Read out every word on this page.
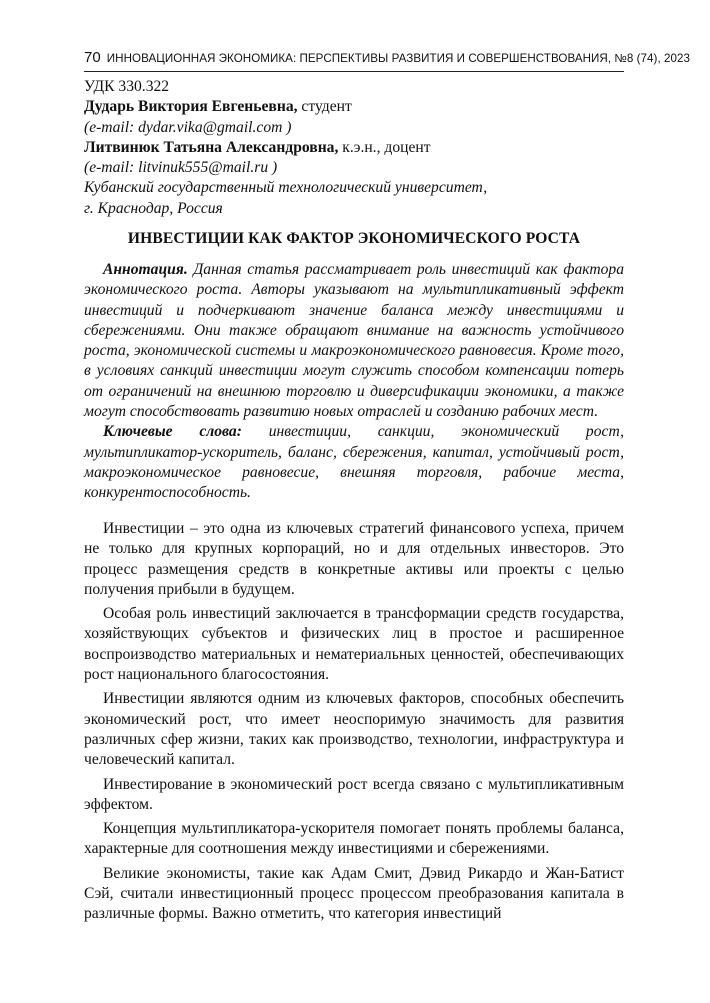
70 ИННОВАЦИОННАЯ ЭКОНОМИКА: ПЕРСПЕКТИВЫ РАЗВИТИЯ И СОВЕРШЕНСТВОВАНИЯ, №8 (74), 2023
УДК 330.322
Дударь Виктория Евгеньевна, студент
(e-mail: dydar.vika@gmail.com )
Литвинюк Татьяна Александровна, к.э.н., доцент
(e-mail: litvinuk555@mail.ru )
Кубанский государственный технологический университет,
г. Краснодар, Россия
ИНВЕСТИЦИИ КАК ФАКТОР ЭКОНОМИЧЕСКОГО РОСТА

Аннотация. Данная статья рассматривает роль инвестиций как фактора экономического роста. Авторы указывают на мультипликативный эффект инвестиций и подчеркивают значение баланса между инвестициями и сбережениями. Они также обращают внимание на важность устойчивого роста, экономической системы и макроэкономического равновесия. Кроме того, в условиях санкций инвестиции могут служить способом компенсации потерь от ограничений на внешнюю торговлю и диверсификации экономики, а также могут способствовать развитию новых отраслей и созданию рабочих мест.

Ключевые слова: инвестиции, санкции, экономический рост, мультипликатор-ускоритель, баланс, сбережения, капитал, устойчивый рост, макроэкономическое равновесие, внешняя торговля, рабочие места, конкурентоспособность.

Инвестиции – это одна из ключевых стратегий финансового успеха, причем не только для крупных корпораций, но и для отдельных инвесторов. Это процесс размещения средств в конкретные активы или проекты с целью получения прибыли в будущем.

Особая роль инвестиций заключается в трансформации средств государства, хозяйствующих субъектов и физических лиц в простое и расширенное воспроизводство материальных и нематериальных ценностей, обеспечивающих рост национального благосостояния.

Инвестиции являются одним из ключевых факторов, способных обеспечить экономический рост, что имеет неоспоримую значимость для развития различных сфер жизни, таких как производство, технологии, инфраструктура и человеческий капитал.

Инвестирование в экономический рост всегда связано с мультипликативным эффектом.

Концепция мультипликатора-ускорителя помогает понять проблемы баланса, характерные для соотношения между инвестициями и сбережениями.

Великие экономисты, такие как Адам Смит, Дэвид Рикардо и Жан-Батист Сэй, считали инвестиционный процесс процессом преобразования капитала в различные формы. Важно отметить, что категория инвестиций
